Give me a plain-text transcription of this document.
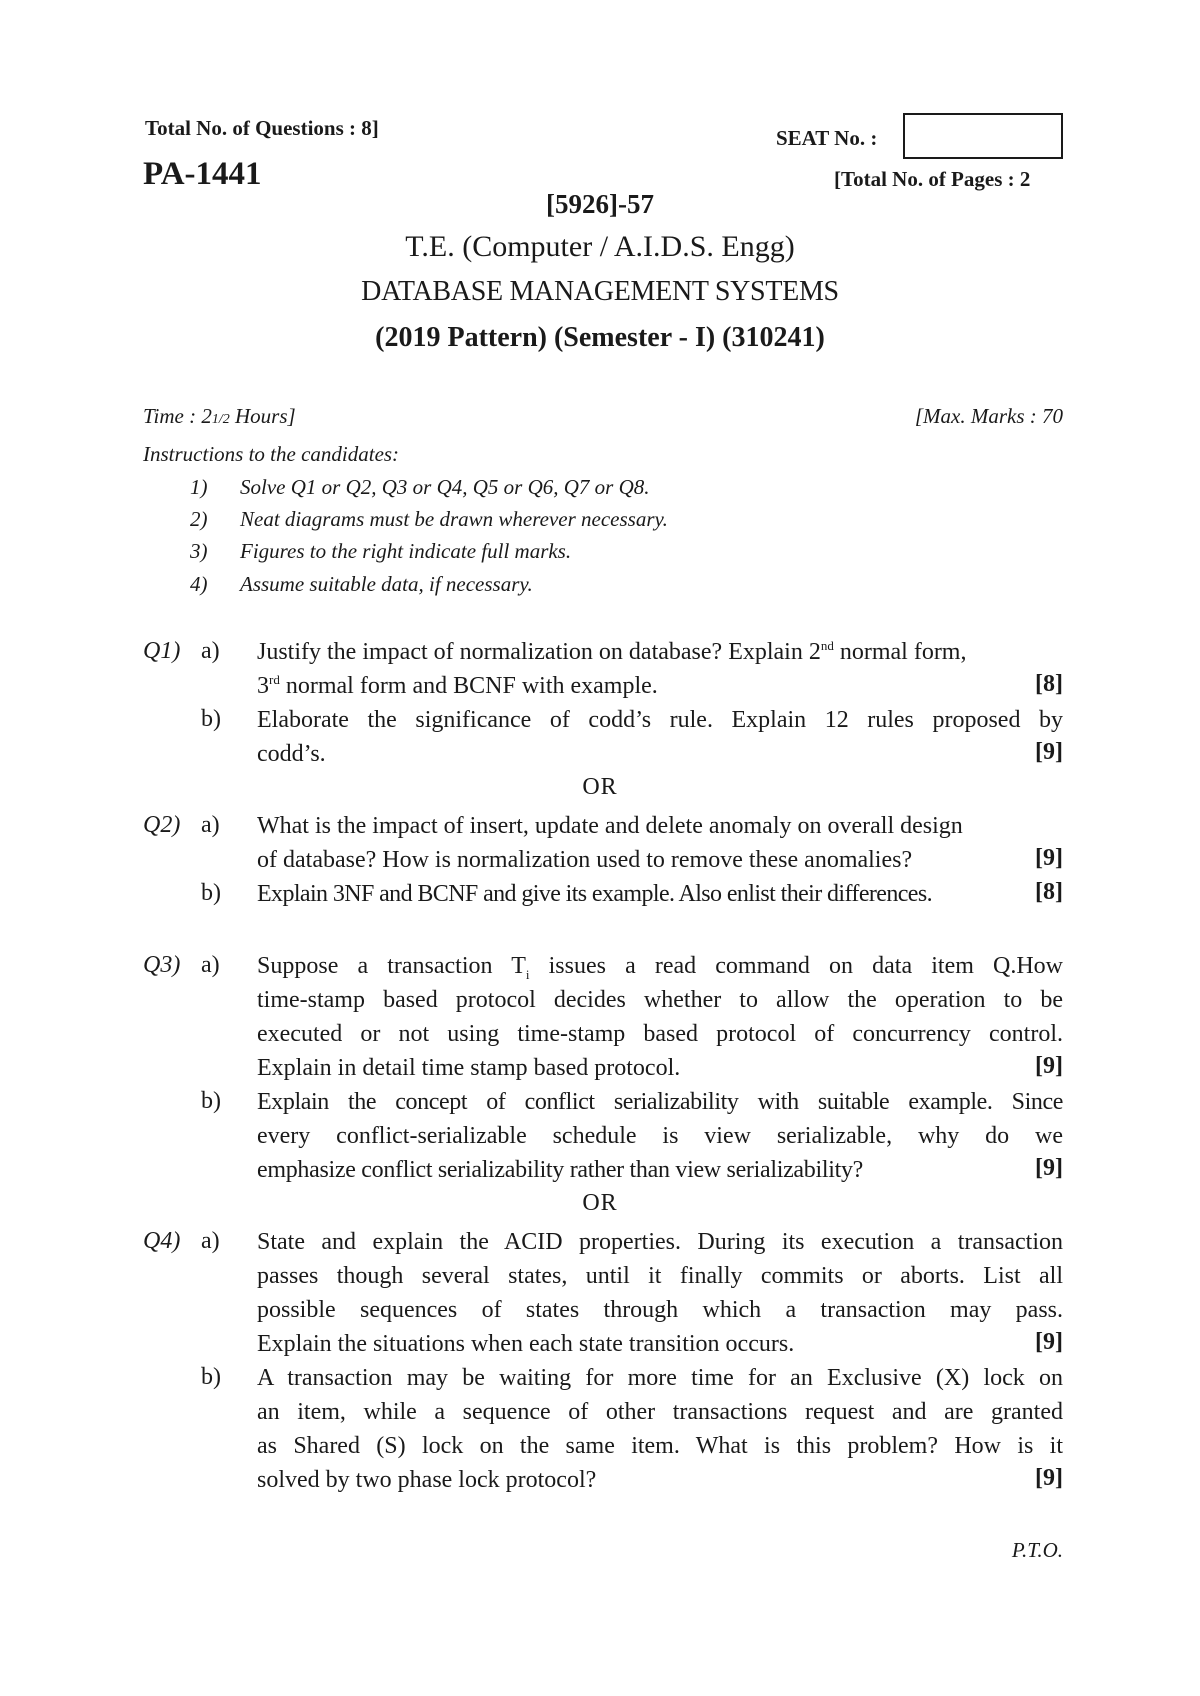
Total No. of Questions : 8]	SEAT No. :
PA-1441	[Total No. of Pages : 2
[5926]-57
T.E. (Computer / A.I.D.S. Engg)
DATABASE MANAGEMENT SYSTEMS
(2019 Pattern) (Semester - I) (310241)
Time : 21/2 Hours]	[Max. Marks : 70
Instructions to the candidates:
1) Solve Q1 or Q2, Q3 or Q4, Q5 or Q6, Q7 or Q8.
2) Neat diagrams must be drawn wherever necessary.
3) Figures to the right indicate full marks.
4) Assume suitable data, if necessary.
Q1) a) Justify the impact of normalization on database? Explain 2nd normal form,
3rd normal form and BCNF with example.	[8]
b) Elaborate the significance of codd’s rule. Explain 12 rules proposed by
codd’s.	[9]
OR
Q2) a) What is the impact of insert, update and delete anomaly on overall design
of database? How is normalization used to remove these anomalies?	[9]
b) Explain 3NF and BCNF and give its example. Also enlist their differences.	[8]
Q3) a) Suppose a transaction $T_i$ issues a read command on data item Q.How
time-stamp based protocol decides whether to allow the operation to be
executed or not using time-stamp based protocol of concurrency control.
Explain in detail time stamp based protocol.	[9]
b) Explain the concept of conflict serializability with suitable example. Since
every conflict-serializable schedule is view serializable, why do we
emphasize conflict serializability rather than view serializability?	[9]
OR
Q4) a) State and explain the ACID properties. During its execution a transaction
passes though several states, until it finally commits or aborts. List all
possible sequences of states through which a transaction may pass.
Explain the situations when each state transition occurs.	[9]
b) A transaction may be waiting for more time for an Exclusive (X) lock on
an item, while a sequence of other transactions request and are granted
as Shared (S) lock on the same item. What is this problem? How is it
solved by two phase lock protocol?	[9]
P.T.O.
